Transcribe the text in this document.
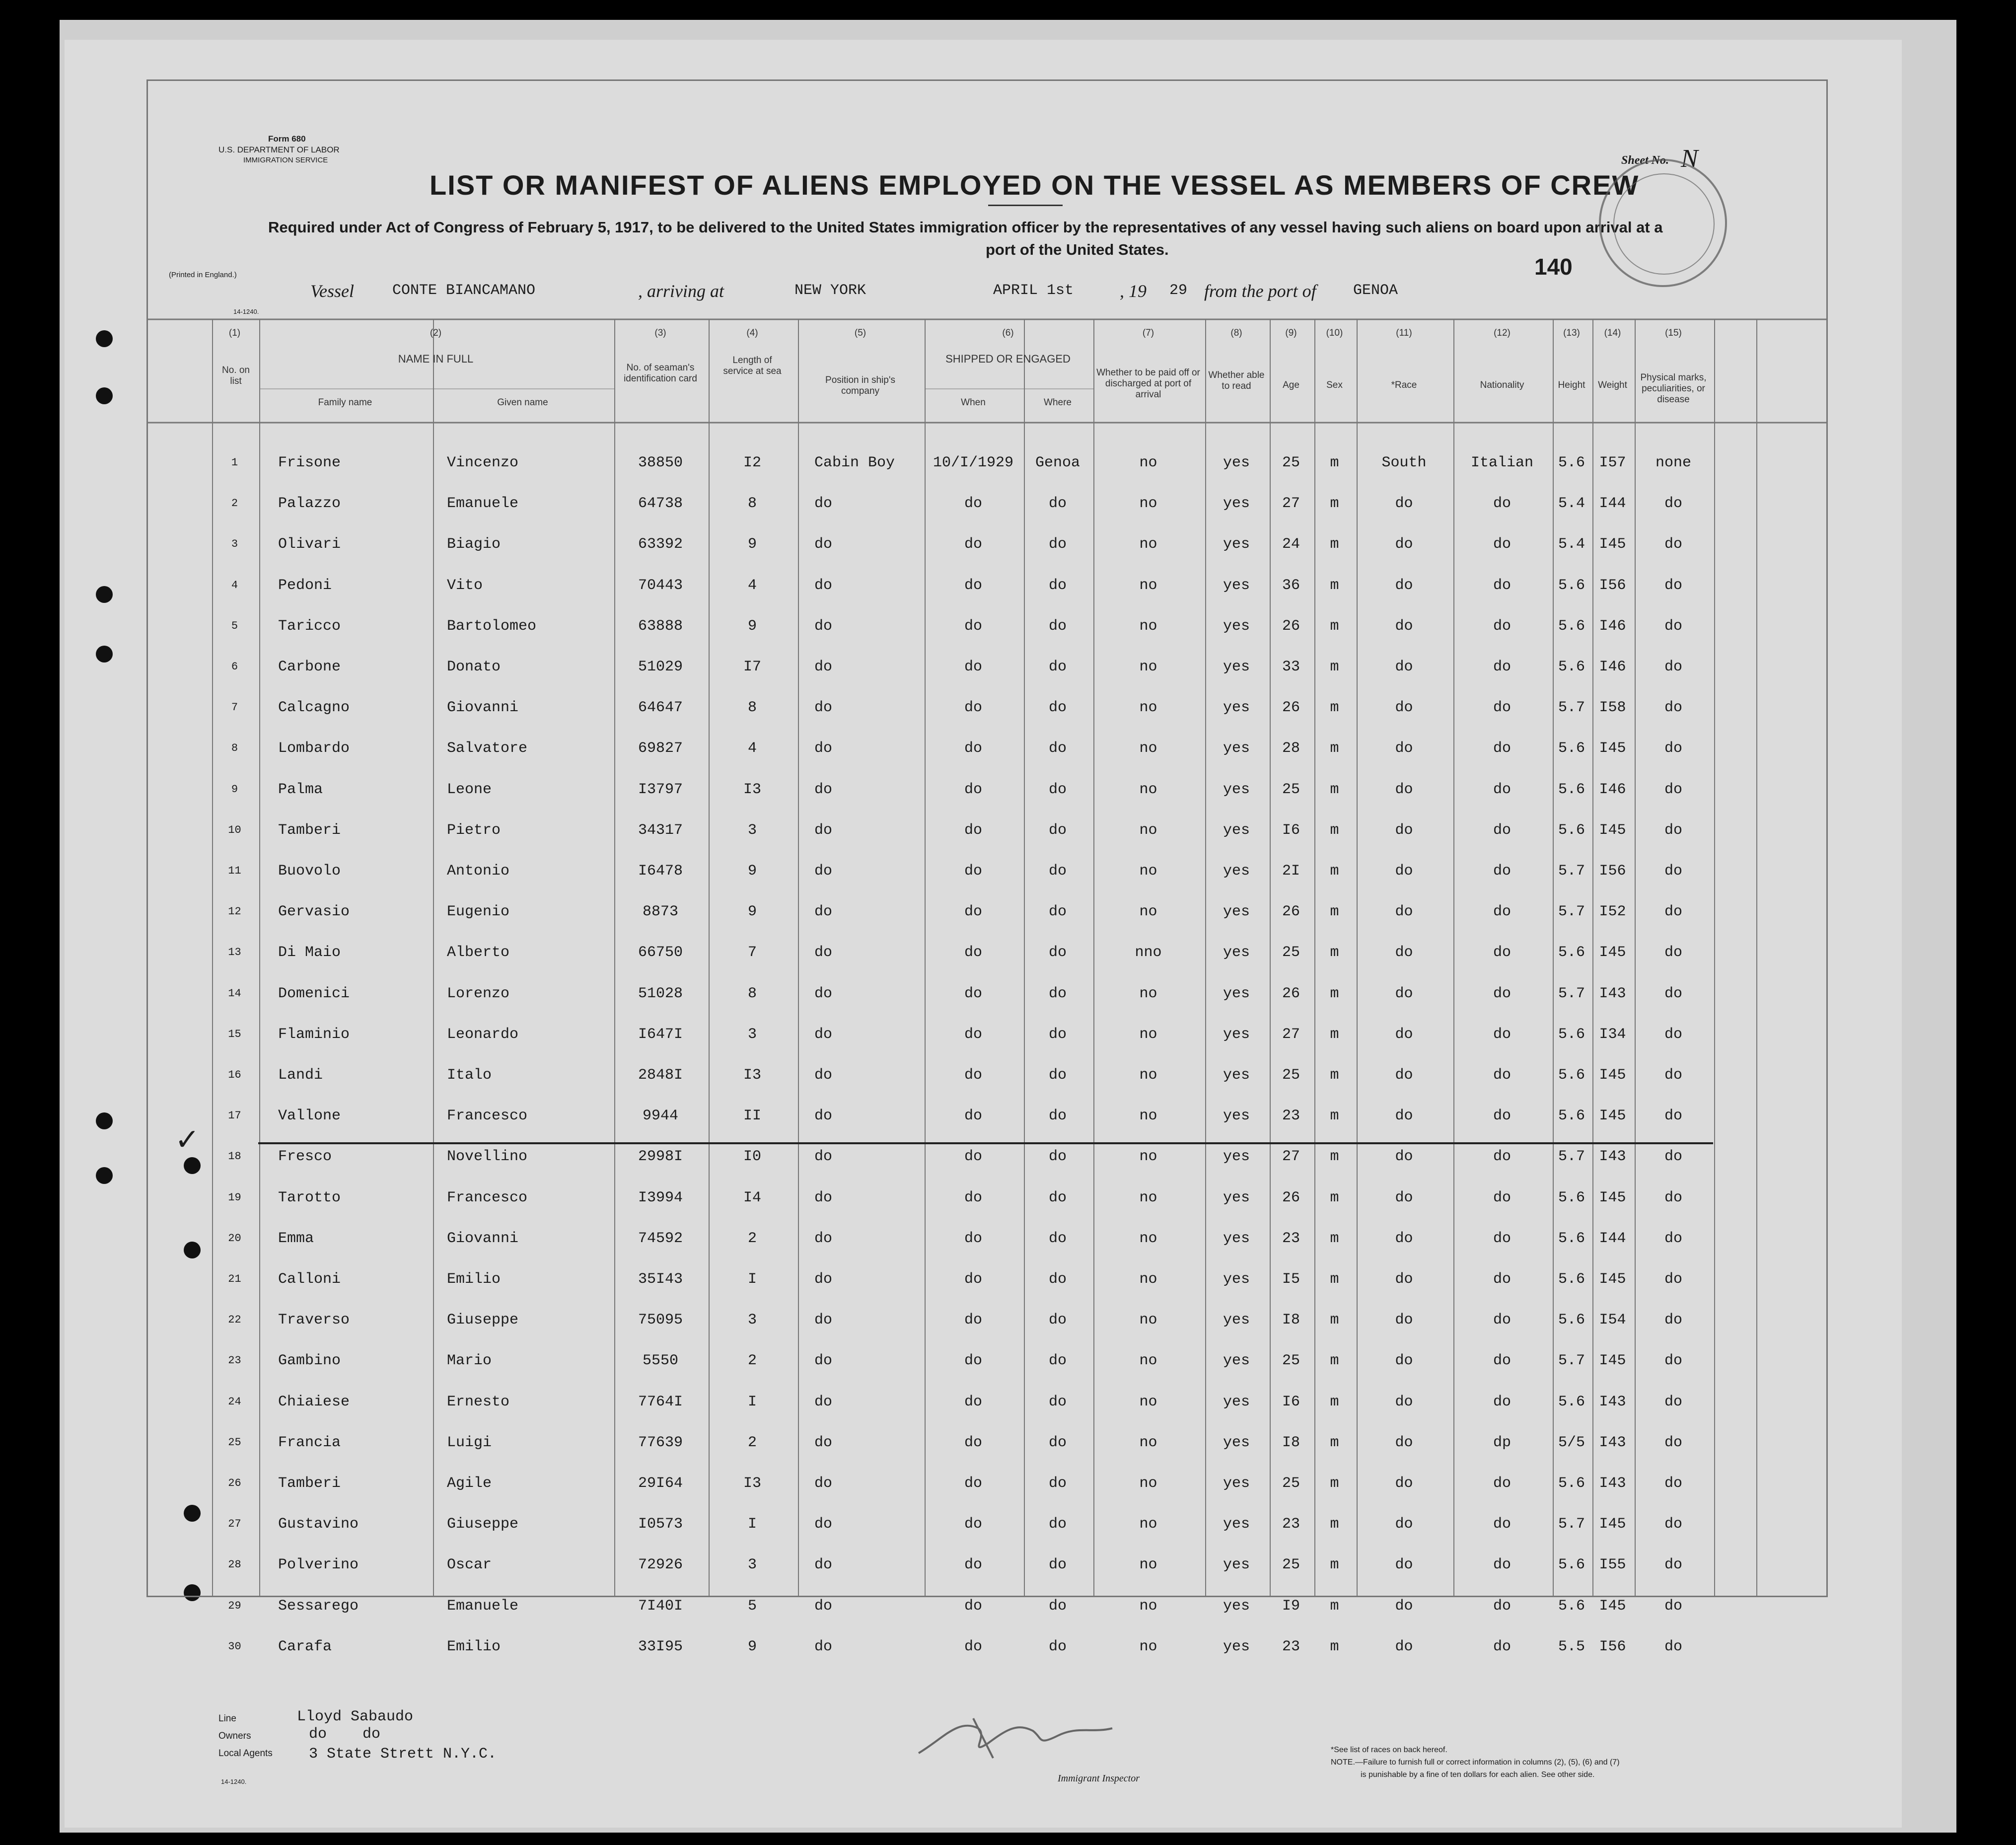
Form 680
U.S. DEPARTMENT OF LABOR
IMMIGRATION SERVICE
(Printed in England.)
14-1240.
LIST OR MANIFEST OF ALIENS EMPLOYED ON THE VESSEL AS MEMBERS OF CREW
Required under Act of Congress of February 5, 1917, to be delivered to the United States immigration officer by the representatives of any vessel having such aliens on board upon arrival at a
port of the United States.
Sheet No. N
140
Vessel	CONTE BIANCAMANO	, arriving at	NEW YORK	APRIL 1st	, 19 29 from the port of GENOA
(1)	(2)	(3)	(4)	(5)	(6)	(7)	(8)	(9)	(10)	(11)	(12)	(13)	(14)	(15)
No. on list
NAME IN FULL
Family name	Given name
No. of seaman's identification card
Length of service at sea
Position in ship's company
SHIPPED OR ENGAGED
When	Where
Whether to be paid off or discharged at port of arrival
Whether able to read	Age	Sex	*Race	Nationality	Height	Weight
Physical marks, peculiarities, or disease
1	Frisone	Vincenzo	38850	I2	Cabin Boy	10/I/1929	Genoa	no	yes	25	m	South	Italian	5.6 I57	none
2	Palazzo	Emanuele	64738	8	do	do	do	no	yes	27	m	do	do	5.4 I44	do
3	Olivari	Biagio	63392	9	do	do	do	no	yes	24	m	do	do	5.4 I45	do
4	Pedoni	Vito	70443	4	do	do	do	no	yes	36	m	do	do	5.6 I56	do
5	Taricco	Bartolomeo	63888	9	do	do	do	no	yes	26	m	do	do	5.6 I46	do
6	Carbone	Donato	51029	I7	do	do	do	no	yes	33	m	do	do	5.6 I46	do
7	Calcagno	Giovanni	64647	8	do	do	do	no	yes	26	m	do	do	5.7 I58	do
8	Lombardo	Salvatore	69827	4	do	do	do	no	yes	28	m	do	do	5.6 I45	do
9	Palma	Leone	I3797	I3	do	do	do	no	yes	25	m	do	do	5.6 I46	do
10	Tamberi	Pietro	34317	3	do	do	do	no	yes	I6	m	do	do	5.6 I45	do
11	Buovolo	Antonio	I6478	9	do	do	do	no	yes	2I	m	do	do	5.7 I56	do
12	Gervasio	Eugenio	8873	9	do	do	do	no	yes	26	m	do	do	5.7 I52	do
13	Di Maio	Alberto	66750	7	do	do	do	nno	yes	25	m	do	do	5.6 I45	do
14	Domenici	Lorenzo	51028	8	do	do	do	no	yes	26	m	do	do	5.7 I43	do
15	Flaminio	Leonardo	I647I	3	do	do	do	no	yes	27	m	do	do	5.6 I34	do
16	Landi	Italo	2848I	I3	do	do	do	no	yes	25	m	do	do	5.6 I45	do
17	Vallone	Francesco	9944	II	do	do	do	no	yes	23	m	do	do	5.6 I45	do
18	Fresco	Novellino	2998I	I0	do	do	do	no	yes	27	m	do	do	5.7 I43	do
19	Tarotto	Francesco	I3994	I4	do	do	do	no	yes	26	m	do	do	5.6 I45	do
20	Emma	Giovanni	74592	2	do	do	do	no	yes	23	m	do	do	5.6 I44	do
21	Calloni	Emilio	35I43	I	do	do	do	no	yes	I5	m	do	do	5.6 I45	do
22	Traverso	Giuseppe	75095	3	do	do	do	no	yes	I8	m	do	do	5.6 I54	do
23	Gambino	Mario	5550	2	do	do	do	no	yes	25	m	do	do	5.7 I45	do
24	Chiaiese	Ernesto	7764I	I	do	do	do	no	yes	I6	m	do	do	5.6 I43	do
25	Francia	Luigi	77639	2	do	do	do	no	yes	I8	m	do	dp	5/5 I43	do
26	Tamberi	Agile	29I64	I3	do	do	do	no	yes	25	m	do	do	5.6 I43	do
27	Gustavino	Giuseppe	I0573	I	do	do	do	no	yes	23	m	do	do	5.7 I45	do
28	Polverino	Oscar	72926	3	do	do	do	no	yes	25	m	do	do	5.6 I55	do
29	Sessarego	Emanuele	7I40I	5	do	do	do	no	yes	I9	m	do	do	5.6 I45	do
30	Carafa	Emilio	33I95	9	do	do	do	no	yes	23	m	do	do	5.5 I56	do
✓
Line	Lloyd Sabaudo
Owners	do    do
Local Agents 3 State Strett N.Y.C.
14-1240.	Immigrant Inspector
*See list of races on back hereof.
NOTE.—Failure to furnish full or correct information in columns (2), (5), (6) and (7)
is punishable by a fine of ten dollars for each alien. See other side.
